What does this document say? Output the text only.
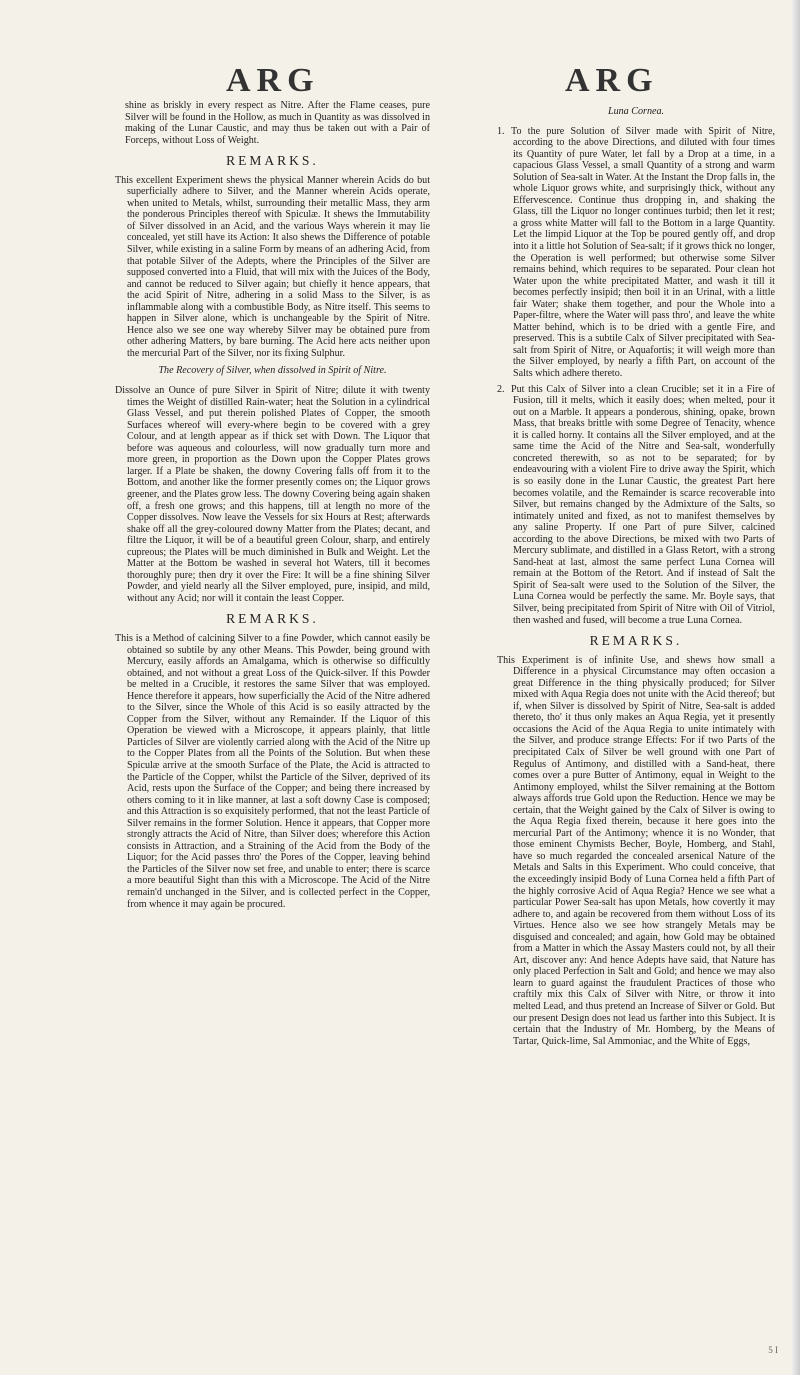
ARG	ARG

shine as briskly in every respect as Nitre. After the Flame ceases, pure Silver will be found in the Hollow, as much in Quantity as was dissolved in making of the Lunar Caustic, and may thus be taken out with a Pair of Forceps, without Loss of Weight.

REMARKS.

This excellent Experiment shews the physical Manner wherein Acids do but superficially adhere to Silver, and the Manner wherein Acids operate, when united to Metals, whilst, surrounding their metallic Mass, they arm the ponderous Principles thereof with Spiculæ. It shews the Immutability of Silver dissolved in an Acid, and the various Ways wherein it may lie concealed, yet still have its Action: It also shews the Difference of potable Silver, while existing in a saline Form by means of an adhering Acid, from that potable Silver of the Adepts, where the Principles of the Silver are supposed converted into a Fluid, that will mix with the Juices of the Body, and cannot be reduced to Silver again; but chiefly it hence appears, that the acid Spirit of Nitre, adhering in a solid Mass to the Silver, is as inflammable along with a combustible Body, as Nitre itself. This seems to happen in Silver alone, which is unchangeable by the Spirit of Nitre. Hence also we see one way whereby Silver may be obtained pure from other adhering Matters, by bare burning. The Acid here acts neither upon the mercurial Part of the Silver, nor its fixing Sulphur.

The Recovery of Silver, when dissolved in Spirit of Nitre.

Dissolve an Ounce of pure Silver in Spirit of Nitre; dilute it with twenty times the Weight of distilled Rain-water; heat the Solution in a cylindrical Glass Vessel, and put therein polished Plates of Copper, the smooth Surfaces whereof will every-where begin to be covered with a grey Colour, and at length appear as if thick set with Down. The Liquor that before was aqueous and colourless, will now gradually turn more and more green, in proportion as the Down upon the Copper Plates grows larger. If a Plate be shaken, the downy Covering falls off from it to the Bottom, and another like the former presently comes on; the Liquor grows greener, and the Plates grow less. The downy Covering being again shaken off, a fresh one grows; and this happens, till at length no more of the Copper dissolves. Now leave the Vessels for six Hours at Rest; afterwards shake off all the grey-coloured downy Matter from the Plates; decant, and filtre the Liquor, it will be of a beautiful green Colour, sharp, and entirely cupreous; the Plates will be much diminished in Bulk and Weight. Let the Matter at the Bottom be washed in several hot Waters, till it becomes thoroughly pure; then dry it over the Fire: It will be a fine shining Silver Powder, and yield nearly all the Silver employed, pure, insipid, and mild, without any Acid; nor will it contain the least Copper.

REMARKS.

This is a Method of calcining Silver to a fine Powder, which cannot easily be obtained so subtile by any other Means. This Powder, being ground with Mercury, easily affords an Amalgama, which is otherwise so difficultly obtained, and not without a great Loss of the Quick-silver. If this Powder be melted in a Crucible, it restores the same Silver that was employed. Hence therefore it appears, how superficially the Acid of the Nitre adhered to the Silver, since the Whole of this Acid is so easily attracted by the Copper from the Silver, without any Remainder. If the Liquor of this Operation be viewed with a Microscope, it appears plainly, that little Particles of Silver are violently carried along with the Acid of the Nitre up to the Copper Plates from all the Points of the Solution. But when these Spiculæ arrive at the smooth Surface of the Plate, the Acid is attracted to the Particle of the Copper, whilst the Particle of the Silver, deprived of its Acid, rests upon the Surface of the Copper; and being there increased by others coming to it in like manner, at last a soft downy Case is composed; and this Attraction is so exquisitely performed, that not the least Particle of Silver remains in the former Solution. Hence it appears, that Copper more strongly attracts the Acid of Nitre, than Silver does; wherefore this Action consists in Attraction, and a Straining of the Acid from the Body of the Liquor; for the Acid passes thro' the Pores of the Copper, leaving behind the Particles of the Silver now set free, and unable to enter; there is scarce a more beautiful Sight than this with a Microscope. The Acid of the Nitre remain'd unchanged in the Silver, and is collected perfect in the Copper, from whence it may again be procured.

Luna Cornea.

1. To the pure Solution of Silver made with Spirit of Nitre, according to the above Directions, and diluted with four times its Quantity of pure Water, let fall by a Drop at a time, in a capacious Glass Vessel, a small Quantity of a strong and warm Solution of Sea-salt in Water. At the Instant the Drop falls in, the whole Liquor grows white, and surprisingly thick, without any Effervescence. Continue thus dropping in, and shaking the Glass, till the Liquor no longer continues turbid; then let it rest; a gross white Matter will fall to the Bottom in a large Quantity. Let the limpid Liquor at the Top be poured gently off, and drop into it a little hot Solution of Sea-salt; if it grows thick no longer, the Operation is well performed; but otherwise some Silver remains behind, which requires to be separated. Pour clean hot Water upon the white precipitated Matter, and wash it till it becomes perfectly insipid; then boil it in an Urinal, with a little fair Water; shake them together, and pour the Whole into a Paper-filtre, where the Water will pass thro', and leave the white Matter behind, which is to be dried with a gentle Fire, and preserved. This is a subtile Calx of Silver precipitated with Sea-salt from Spirit of Nitre, or Aquafortis; it will weigh more than the Silver employed, by nearly a fifth Part, on account of the Salts which adhere thereto.

2. Put this Calx of Silver into a clean Crucible; set it in a Fire of Fusion, till it melts, which it easily does; when melted, pour it out on a Marble. It appears a ponderous, shining, opake, brown Mass, that breaks brittle with some Degree of Tenacity, whence it is called horny. It contains all the Silver employed, and at the same time the Acid of the Nitre and Sea-salt, wonderfully concreted therewith, so as not to be separated; for by endeavouring with a violent Fire to drive away the Spirit, which is so easily done in the Lunar Caustic, the greatest Part here becomes volatile, and the Remainder is scarce recoverable into Silver, but remains changed by the Admixture of the Salts, so intimately united and fixed, as not to manifest themselves by any saline Property. If one Part of pure Silver, calcined according to the above Directions, be mixed with two Parts of Mercury sublimate, and distilled in a Glass Retort, with a strong Sand-heat at last, almost the same perfect Luna Cornea will remain at the Bottom of the Retort. And if instead of Salt the Spirit of Sea-salt were used to the Solution of the Silver, the Luna Cornea would be perfectly the same. Mr. Boyle says, that Silver, being precipitated from Spirit of Nitre with Oil of Vitriol, then washed and fused, will become a true Luna Cornea.

REMARKS.

This Experiment is of infinite Use, and shews how small a Difference in a physical Circumstance may often occasion a great Difference in the thing physically produced; for Silver mixed with Aqua Regia does not unite with the Acid thereof; but if, when Silver is dissolved by Spirit of Nitre, Sea-salt is added thereto, tho' it thus only makes an Aqua Regia, yet it presently occasions the Acid of the Aqua Regia to unite intimately with the Silver, and produce strange Effects: For if two Parts of the precipitated Calx of Silver be well ground with one Part of Regulus of Antimony, and distilled with a Sand-heat, there comes over a pure Butter of Antimony, equal in Weight to the Antimony employed, whilst the Silver remaining at the Bottom always affords true Gold upon the Reduction. Hence we may be certain, that the Weight gained by the Calx of Silver is owing to the Aqua Regia fixed therein, because it here goes into the mercurial Part of the Antimony; whence it is no Wonder, that those eminent Chymists Becher, Boyle, Homberg, and Stahl, have so much regarded the concealed arsenical Nature of the Metals and Salts in this Experiment. Who could conceive, that the exceedingly insipid Body of Luna Cornea held a fifth Part of the highly corrosive Acid of Aqua Regia? Hence we see what a particular Power Sea-salt has upon Metals, how covertly it may adhere to, and again be recovered from them without Loss of its Virtues. Hence also we see how strangely Metals may be disguised and concealed; and again, how Gold may be obtained from a Matter in which the Assay Masters could not, by all their Art, discover any: And hence Adepts have said, that Nature has only placed Perfection in Salt and Gold; and hence we may also learn to guard against the fraudulent Practices of those who craftily mix this Calx of Silver with Nitre, or throw it into melted Lead, and thus pretend an Increase of Silver or Gold. But our present Design does not lead us farther into this Subject. It is certain that the Industry of Mr. Homberg, by the Means of Tartar, Quick-lime, Sal Ammoniac, and the White of Eggs,

5 I
